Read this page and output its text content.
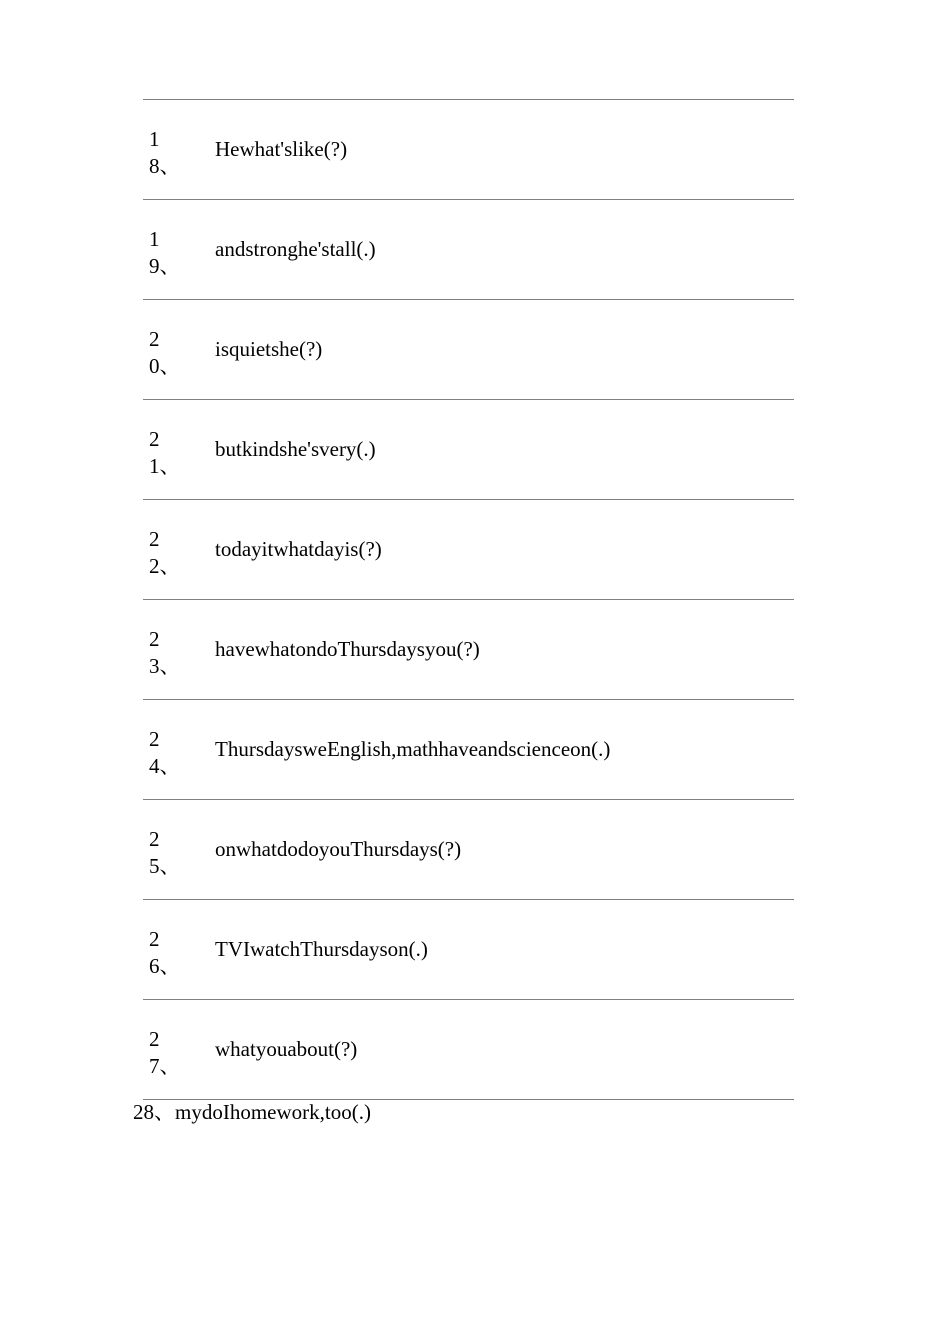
1
8、
Hewhat'slike(?)
1
9、
andstronghe'stall(.)
2
0、
isquietshe(?)
2
1、
butkindshe'svery(.)
2
2、
todayitwhatdayis(?)
2
3、
havewhatondoThursdaysyou(?)
2
4、
ThursdaysweEnglish,mathhaveandscienceon(.)
2
5、
onwhatdodoyouThursdays(?)
2
6、
TVIwatchThursdayson(.)
2
7、
whatyouabout(?)
28、mydoIhomework,too(.)
